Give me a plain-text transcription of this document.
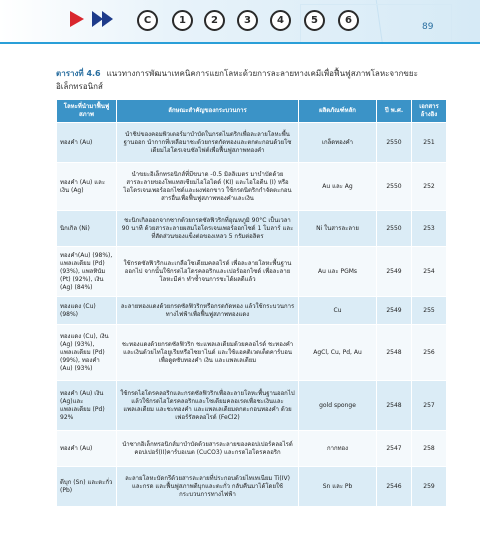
C	1	2	3	4	5	6
89
ตารางที่ 4.6 แนวทางการพัฒนาเทคนิคการแยกโลหะด้วยการละลายทางเคมีเพื่อฟื้นฟูสภาพโลหะจากขยะอิเล็กทรอนิกส์
โลหะที่นำมาฟื้นฟูสภาพ	ลักษณะสำคัญของกระบวนการ	ผลิตภัณฑ์หลัก	ปี พ.ศ.	เอกสารอ้างอิง
ทองคำ (Au)	นำชิปของคอมพิวเตอร์มาบำบัดในกรดไนตริกเพื่อละลายโลหะพื้นฐานออก นำกากที่เหลือมาชะด้วยกรดกัดทองและตกตะกอนด้วยโซเดียมไฮโดรเจนซัลไฟต์เพื่อฟื้นฟูสภาพทองคำ	เกล็ดทองคำ	2550	251
ทองคำ (Au) และเงิน (Ag)	นำขยะอิเล็กทรอนิกส์ที่มีขนาด -0.5 มิลลิเมตร มาบำบัดด้วยสารละลายของโพแทสเซียมไอโอไดด์ (KI) และไอโอดีน (I) หรือไฮโดรเจนเพอร์ออกไซด์และผงฟอกขาว ใช้กรดนิตริกกำจัดตะกอนสารอื่นเพื่อฟื้นฟูสภาพทองคำและเงิน	Au และ Ag	2550	252
นิกเกิล (Ni)	ชะนิกเกิลออกจากซากด้วยกรดซัลฟิวริกที่อุณหภูมิ 90°C เป็นเวลา 90 นาที ด้วยสารละลายผสมไฮโดรเจนเพอร์ออกไซด์ 1 โมลาร์ และที่สัดส่วนของแข็งต่อของเหลว 5 กรัมต่อลิตร	Ni ในสารละลาย	2550	253
ทองคำ(Au) (98%), แพลเลเดียม (Pd) (93%), แพลทินัม (Pt) (92%), เงิน (Ag) (84%)	ใช้กรดซัลฟิวริกและเกลือโซเดียมคลอไรด์ เพื่อละลายโลหะพื้นฐานออกไป จากนั้นใช้กรดไฮโดรคลอริกและเปอร์ออกไซด์ เพื่อละลายโลหะมีค่า ทำซ้ำจนการชะได้ผลดีแล้ว	Au และ PGMs	2549	254
ทองแดง (Cu) (98%)	ละลายทองแดงด้วยกรดซัลฟิวริกหรือกรดกัดทอง แล้วใช้กระบวนการทางไฟฟ้าเพื่อฟื้นฟูสภาพทองแดง	Cu	2549	255
ทองแดง (Cu), เงิน (Ag) (93%), แพลเลเดียม (Pd) (99%), ทองคำ (Au) (93%)	ชะทองแดงด้วยกรดซัลฟิวริก ชะแพลเลเดียมด้วยคลอไรด์ ชะทองคำและเงินด้วยไทโอยูเรียหรือไซยาไนด์ และใช้แอคติเวตเต็ดคาร์บอนเพื่อดูดซับทองคำ เงิน และแพลเลเดียม	AgCl, Cu, Pd, Au	2548	256
ทองคำ (Au) เงิน (Ag)และแพลเลเดียม (Pd) 92%	ใช้กรดไฮโดรคลอริกและกรดซัลฟิวริกเพื่อละลายโลหะพื้นฐานออกไป แล้วใช้กรดไฮโดรคลอริกและโซเดียมคลอเรตเพื่อชะเงินและแพลเลเดียม และชะทองคำ และแพลเลเดียมตกตะกอนทองคำ ด้วยเฟอร์รัสคลอไรด์ (FeCl2)	gold sponge	2548	257
ทองคำ (Au)	นำซากอิเล็กทรอนิกส์มาบำบัดด้วยสารละลายของคอปเปอร์คลอไรด์ คอปเปอร์(II)คาร์บอเนต (CuCO3) และกรดไฮโดรคลอริก	กากทอง	2547	258
ดีบุก (Sn) และตะกั่ว (Pb)	ละลายโลหะบัดกรีด้วยสารละลายที่ประกอบด้วยไทเทเนียม Ti(IV) และกรด และฟื้นฟูสภาพดีบุกและตะกั่ว กลับคืนมาได้โดยใช้กระบวนการทางไฟฟ้า	Sn และ Pb	2546	259
